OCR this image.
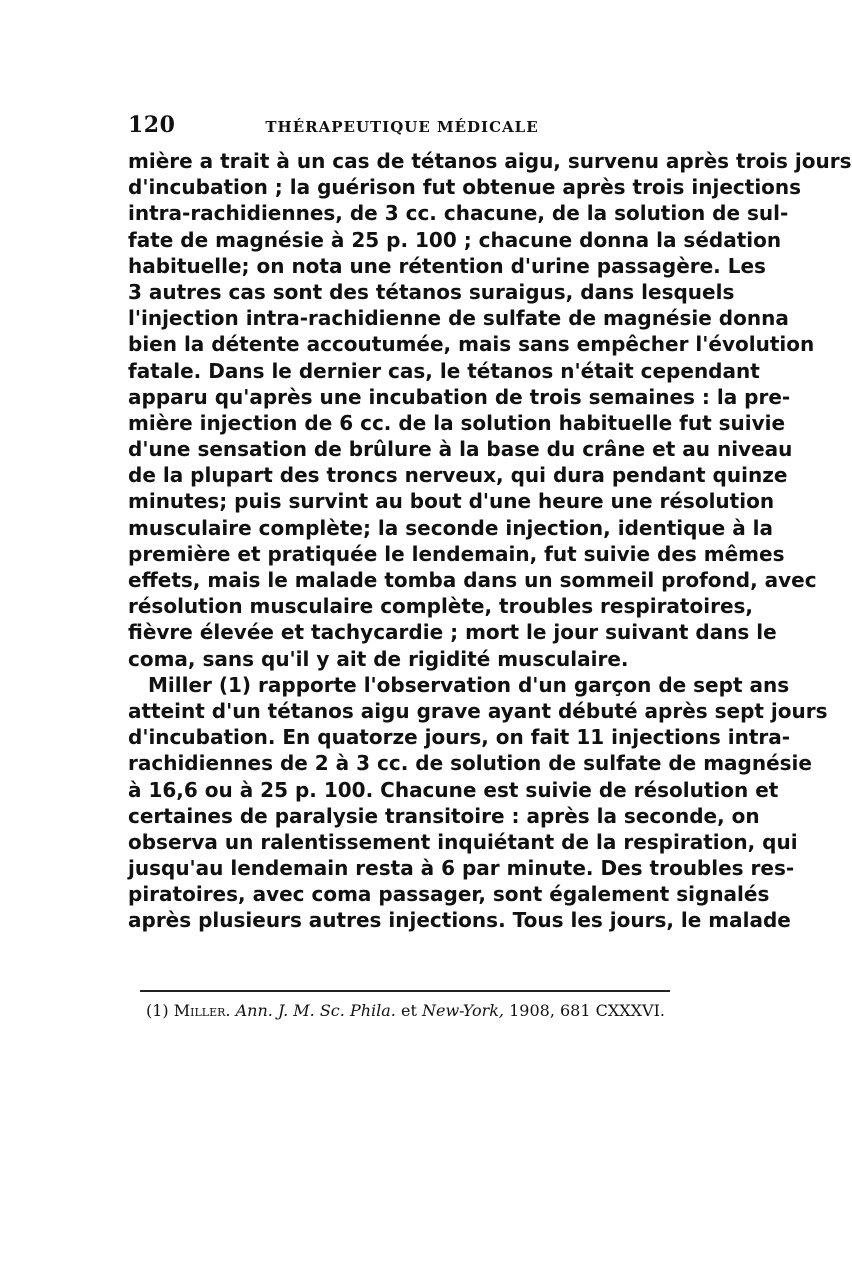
120	THÉRAPEUTIQUE MÉDICALE
mière a trait à un cas de tétanos aigu, survenu après trois jours
d'incubation ; la guérison fut obtenue après trois injections
intra-rachidiennes, de 3 cc. chacune, de la solution de sul-
fate de magnésie à 25 p. 100 ; chacune donna la sédation
habituelle; on nota une rétention d'urine passagère. Les
3 autres cas sont des tétanos suraigus, dans lesquels
l'injection intra-rachidienne de sulfate de magnésie donna
bien la détente accoutumée, mais sans empêcher l'évolution
fatale. Dans le dernier cas, le tétanos n'était cependant
apparu qu'après une incubation de trois semaines : la pre-
mière injection de 6 cc. de la solution habituelle fut suivie
d'une sensation de brûlure à la base du crâne et au niveau
de la plupart des troncs nerveux, qui dura pendant quinze
minutes; puis survint au bout d'une heure une résolution
musculaire complète; la seconde injection, identique à la
première et pratiquée le lendemain, fut suivie des mêmes
effets, mais le malade tomba dans un sommeil profond, avec
résolution musculaire complète, troubles respiratoires,
fièvre élevée et tachycardie ; mort le jour suivant dans le
coma, sans qu'il y ait de rigidité musculaire.
Miller (1) rapporte l'observation d'un garçon de sept ans
atteint d'un tétanos aigu grave ayant débuté après sept jours
d'incubation. En quatorze jours, on fait 11 injections intra-
rachidiennes de 2 à 3 cc. de solution de sulfate de magnésie
à 16,6 ou à 25 p. 100. Chacune est suivie de résolution et
certaines de paralysie transitoire : après la seconde, on
observa un ralentissement inquiétant de la respiration, qui
jusqu'au lendemain resta à 6 par minute. Des troubles res-
piratoires, avec coma passager, sont également signalés
après plusieurs autres injections. Tous les jours, le malade
(1) Miller. Ann. J. M. Sc. Phila. et New-York, 1908, 681 CXXXVI.
